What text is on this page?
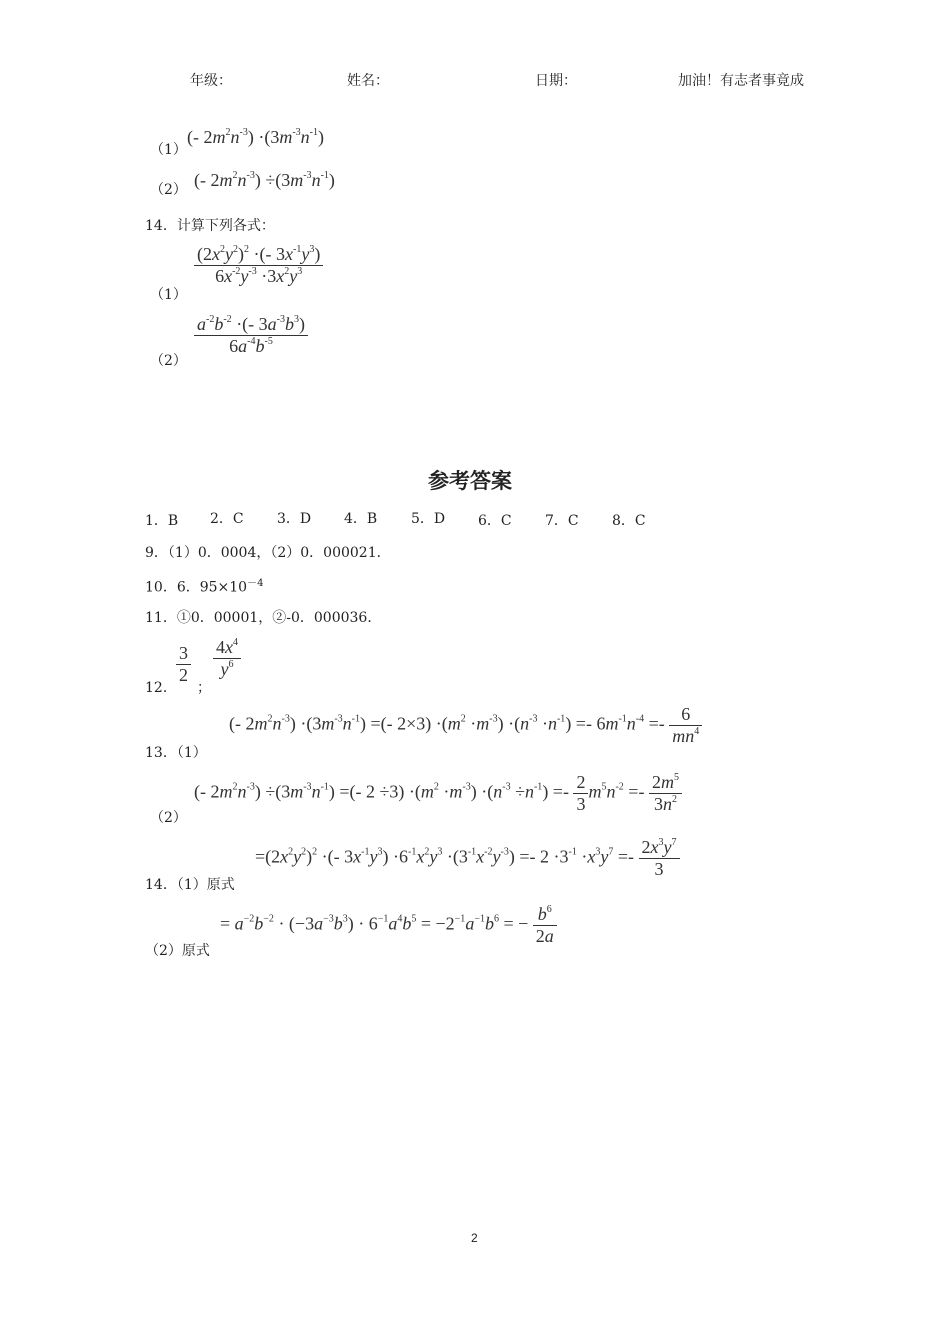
年级：	姓名：	日期：	加油！有志者事竟成
（1）
(- $2m^2n^{-3}) \cdot(3m^{-3}n^{-1})$
（2） (- $2m^2n^{-3}) \div(3m^{-3}n^{-1})$
14．计算下列各式：
（1）
$\frac{(2x^2y^2)^2 \cdot(- 3x^{-1}y^3)}{6x^{-2}y^{-3} \cdot 3x^2y^3}$
（2）
$\frac{a^{-2}b^{-2} \cdot(- 3a^{-3}b^3)}{6a^{-4}b^{-5}}$
参考答案
1．B 2．C 3．D 4．B 5．D 6．C 7．C 8．C
9．（1）0．0004，（2）0．000021．
10．6．$95\times 10^{-4}$
11．①0．00001，②-0．000036．
12．
$\frac{3}{2}$
；
$\frac{4x^4}{y^6}$
13．（1）
(- $2m^2n^{-3}) \cdot(3m^{-3}n^{-1})$ =(- $2\times 3) \cdot(m^2 \cdot m^{-3}) \cdot(n^{-3} \cdot n^{-1}) =- 6m^{-1}n^{-4} =- \frac{6}{mn^4}$
（2）
(- $2m^2n^{-3}) \div(3m^{-3}n^{-1})$ =(- $2 \div 3) \cdot(m^2 \cdot m^{-3}) \cdot(n^{-3} \div n^{-1}) =- \frac{2}{3} m^5n^{-2} =- \frac{2m^5}{3n^2}$
14．（1）原式
$=(2x^2y^2)^2$ ·(- $3x^{-1}y^3) \cdot 6^{-1}x^2y^3 \cdot(3^{-1}x^{-2}y^{-3}) =- 2 \cdot 3^{-1} \cdot x^3y^7 =- \frac{2x^3y^7}{3}$
（2）原式
= $a^{-2}b^{-2} \cdot (-3a^{-3}b^3) \cdot 6^{-1}a^4b^5 = -2^{-1}a^{-1}b^6$ = − $\frac{b^6}{2a}$
2
